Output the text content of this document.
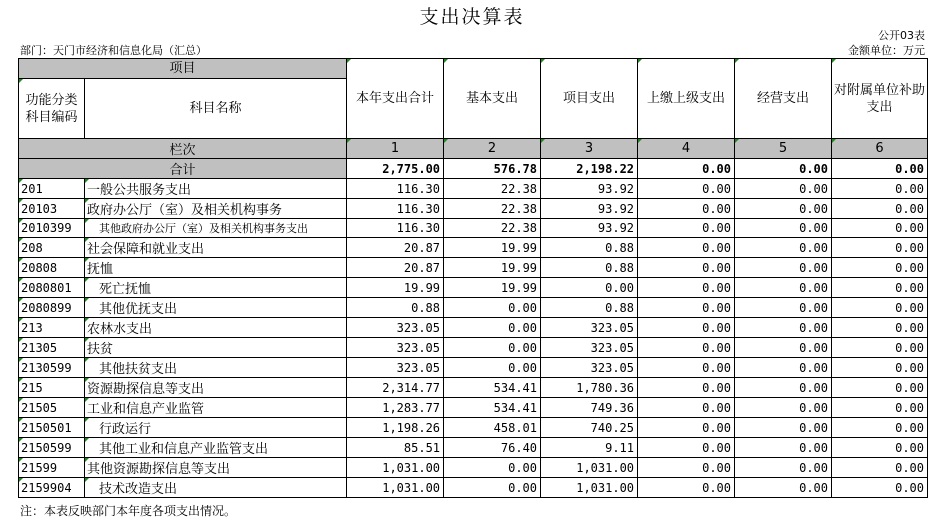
支出决算表
公开03表
部门：天门市经济和信息化局（汇总）	金额单位：万元
项目		本年支出合计	基本支出	项目支出	上缴上级支出	经营支出	对附属单位补助支出
功能分类科目编码	科目名称						
栏次		1	2	3	4	5	6
合计		2,775.00	576.78	2,198.22	0.00	0.00	0.00
201	一般公共服务支出	116.30	22.38	93.92	0.00	0.00	0.00
20103	政府办公厅（室）及相关机构事务	116.30	22.38	93.92	0.00	0.00	0.00
2010399	其他政府办公厅（室）及相关机构事务支出	116.30	22.38	93.92	0.00	0.00	0.00
208	社会保障和就业支出	20.87	19.99	0.88	0.00	0.00	0.00
20808	抚恤	20.87	19.99	0.88	0.00	0.00	0.00
2080801	死亡抚恤	19.99	19.99	0.00	0.00	0.00	0.00
2080899	其他优抚支出	0.88	0.00	0.88	0.00	0.00	0.00
213	农林水支出	323.05	0.00	323.05	0.00	0.00	0.00
21305	扶贫	323.05	0.00	323.05	0.00	0.00	0.00
2130599	其他扶贫支出	323.05	0.00	323.05	0.00	0.00	0.00
215	资源勘探信息等支出	2,314.77	534.41	1,780.36	0.00	0.00	0.00
21505	工业和信息产业监管	1,283.77	534.41	749.36	0.00	0.00	0.00
2150501	行政运行	1,198.26	458.01	740.25	0.00	0.00	0.00
2150599	其他工业和信息产业监管支出	85.51	76.40	9.11	0.00	0.00	0.00
21599	其他资源勘探信息等支出	1,031.00	0.00	1,031.00	0.00	0.00	0.00
2159904	技术改造支出	1,031.00	0.00	1,031.00	0.00	0.00	0.00
注：本表反映部门本年度各项支出情况。
